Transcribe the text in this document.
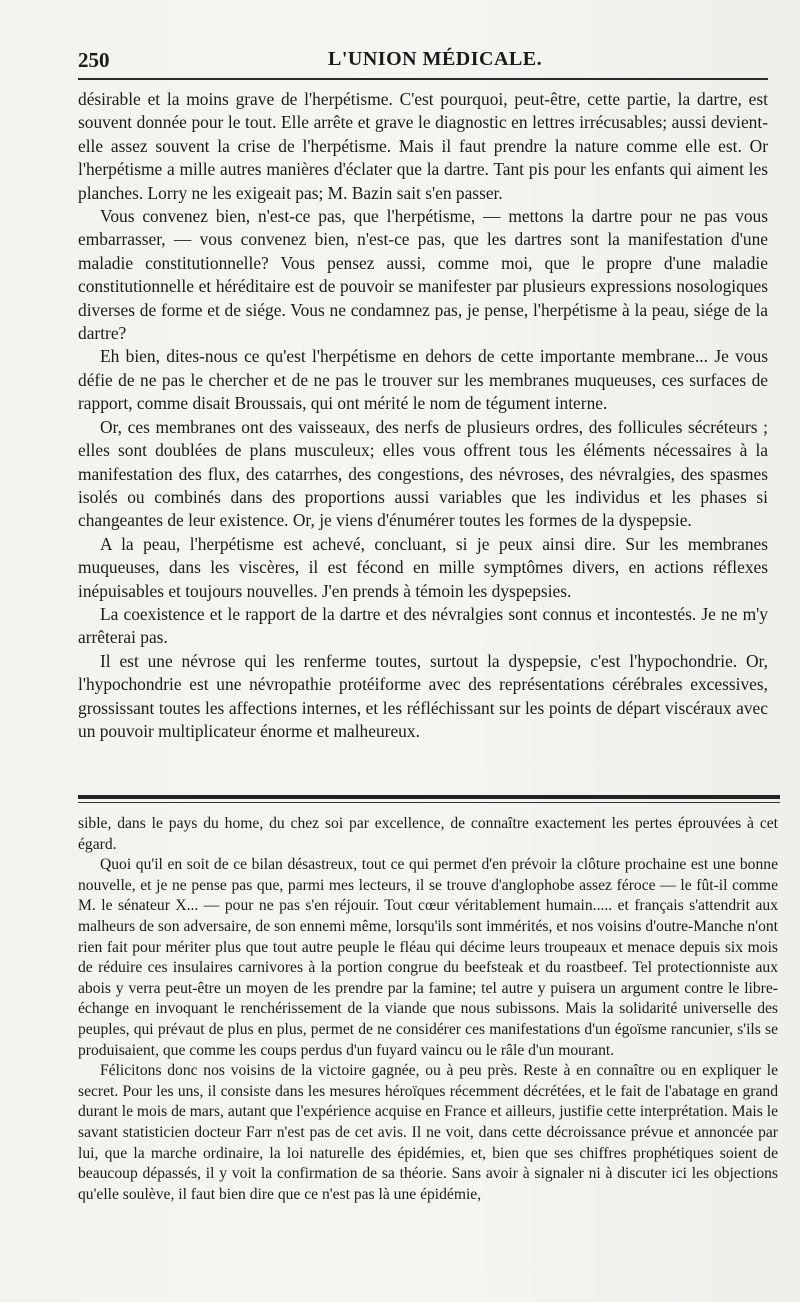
250	L'UNION MÉDICALE.

désirable et la moins grave de l'herpétisme. C'est pourquoi, peut-être, cette partie, la dartre, est souvent donnée pour le tout. Elle arrête et grave le diagnostic en lettres irrécusables; aussi devient-elle assez souvent la crise de l'herpétisme. Mais il faut prendre la nature comme elle est. Or l'herpétisme a mille autres manières d'éclater que la dartre. Tant pis pour les enfants qui aiment les planches. Lorry ne les exigeait pas; M. Bazin sait s'en passer.

Vous convenez bien, n'est-ce pas, que l'herpétisme, — mettons la dartre pour ne pas vous embarrasser, — vous convenez bien, n'est-ce pas, que les dartres sont la manifestation d'une maladie constitutionnelle? Vous pensez aussi, comme moi, que le propre d'une maladie constitutionnelle et héréditaire est de pouvoir se manifester par plusieurs expressions nosologiques diverses de forme et de siége. Vous ne condamnez pas, je pense, l'herpétisme à la peau, siége de la dartre?

Eh bien, dites-nous ce qu'est l'herpétisme en dehors de cette importante membrane... Je vous défie de ne pas le chercher et de ne pas le trouver sur les membranes muqueuses, ces surfaces de rapport, comme disait Broussais, qui ont mérité le nom de tégument interne.

Or, ces membranes ont des vaisseaux, des nerfs de plusieurs ordres, des follicules sécréteurs ; elles sont doublées de plans musculeux; elles vous offrent tous les éléments nécessaires à la manifestation des flux, des catarrhes, des congestions, des névroses, des névralgies, des spasmes isolés ou combinés dans des proportions aussi variables que les individus et les phases si changeantes de leur existence. Or, je viens d'énumérer toutes les formes de la dyspepsie.

A la peau, l'herpétisme est achevé, concluant, si je peux ainsi dire. Sur les membranes muqueuses, dans les viscères, il est fécond en mille symptômes divers, en actions réflexes inépuisables et toujours nouvelles. J'en prends à témoin les dyspepsies.

La coexistence et le rapport de la dartre et des névralgies sont connus et incontestés. Je ne m'y arrêterai pas.

Il est une névrose qui les renferme toutes, surtout la dyspepsie, c'est l'hypochondrie. Or, l'hypochondrie est une névropathie protéiforme avec des représentations cérébrales excessives, grossissant toutes les affections internes, et les réfléchissant sur les points de départ viscéraux avec un pouvoir multiplicateur énorme et malheureux.

sible, dans le pays du home, du chez soi par excellence, de connaître exactement les pertes éprouvées à cet égard.

Quoi qu'il en soit de ce bilan désastreux, tout ce qui permet d'en prévoir la clôture prochaine est une bonne nouvelle, et je ne pense pas que, parmi mes lecteurs, il se trouve d'anglophobe assez féroce — le fût-il comme M. le sénateur X... — pour ne pas s'en réjouir. Tout cœur véritablement humain..... et français s'attendrit aux malheurs de son adversaire, de son ennemi même, lorsqu'ils sont immérités, et nos voisins d'outre-Manche n'ont rien fait pour mériter plus que tout autre peuple le fléau qui décime leurs troupeaux et menace depuis six mois de réduire ces insulaires carnivores à la portion congrue du beefsteak et du roastbeef. Tel protectionniste aux abois y verra peut-être un moyen de les prendre par la famine; tel autre y puisera un argument contre le libre-échange en invoquant le renchérissement de la viande que nous subissons. Mais la solidarité universelle des peuples, qui prévaut de plus en plus, permet de ne considérer ces manifestations d'un égoïsme rancunier, s'ils se produisaient, que comme les coups perdus d'un fuyard vaincu ou le râle d'un mourant.

Félicitons donc nos voisins de la victoire gagnée, ou à peu près. Reste à en connaître ou en expliquer le secret. Pour les uns, il consiste dans les mesures héroïques récemment décrétées, et le fait de l'abatage en grand durant le mois de mars, autant que l'expérience acquise en France et ailleurs, justifie cette interprétation. Mais le savant statisticien docteur Farr n'est pas de cet avis. Il ne voit, dans cette décroissance prévue et annoncée par lui, que la marche ordinaire, la loi naturelle des épidémies, et, bien que ses chiffres prophétiques soient de beaucoup dépassés, il y voit la confirmation de sa théorie. Sans avoir à signaler ni à discuter ici les objections qu'elle soulève, il faut bien dire que ce n'est pas là une épidémie,
